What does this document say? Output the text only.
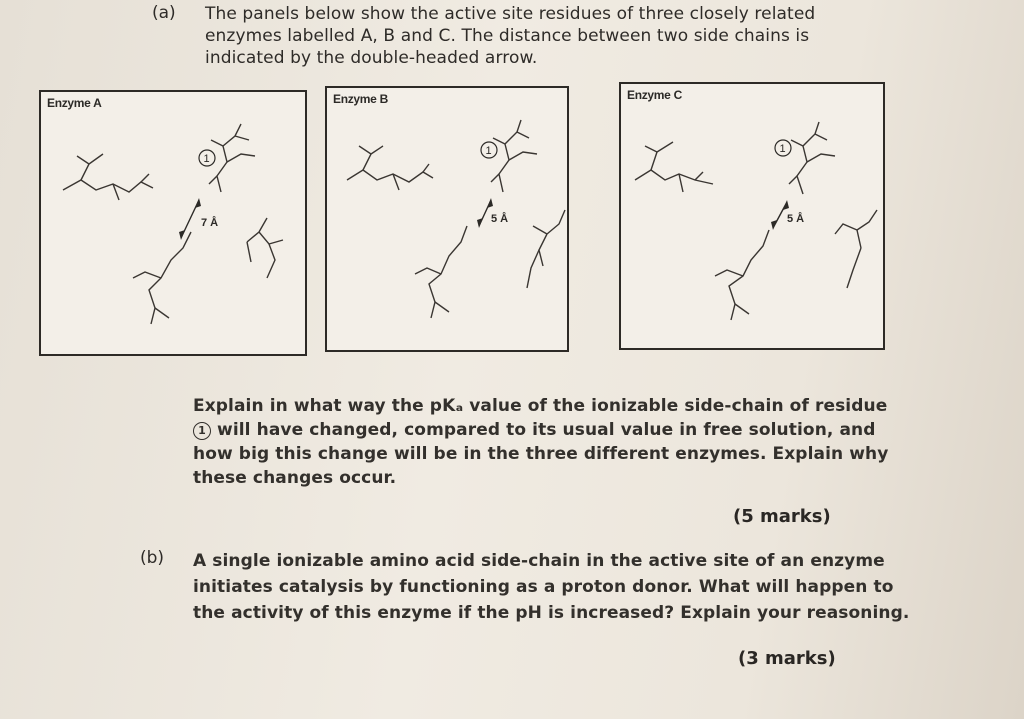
(a) The panels below show the active site residues of three closely related
enzymes labelled A, B and C. The distance between two side chains is
indicated by the double-headed arrow.
Enzyme A
1
7 Å
Enzyme B
1
5 Å
Enzyme C
1
5 Å
Explain in what way the pKₐ value of the ionizable side-chain of residue
1 will have changed, compared to its usual value in free solution, and
how big this change will be in the three different enzymes. Explain why
these changes occur.
(5 marks)
(b) A single ionizable amino acid side-chain in the active site of an enzyme
initiates catalysis by functioning as a proton donor. What will happen to
the activity of this enzyme if the pH is increased? Explain your reasoning.
(3 marks)
